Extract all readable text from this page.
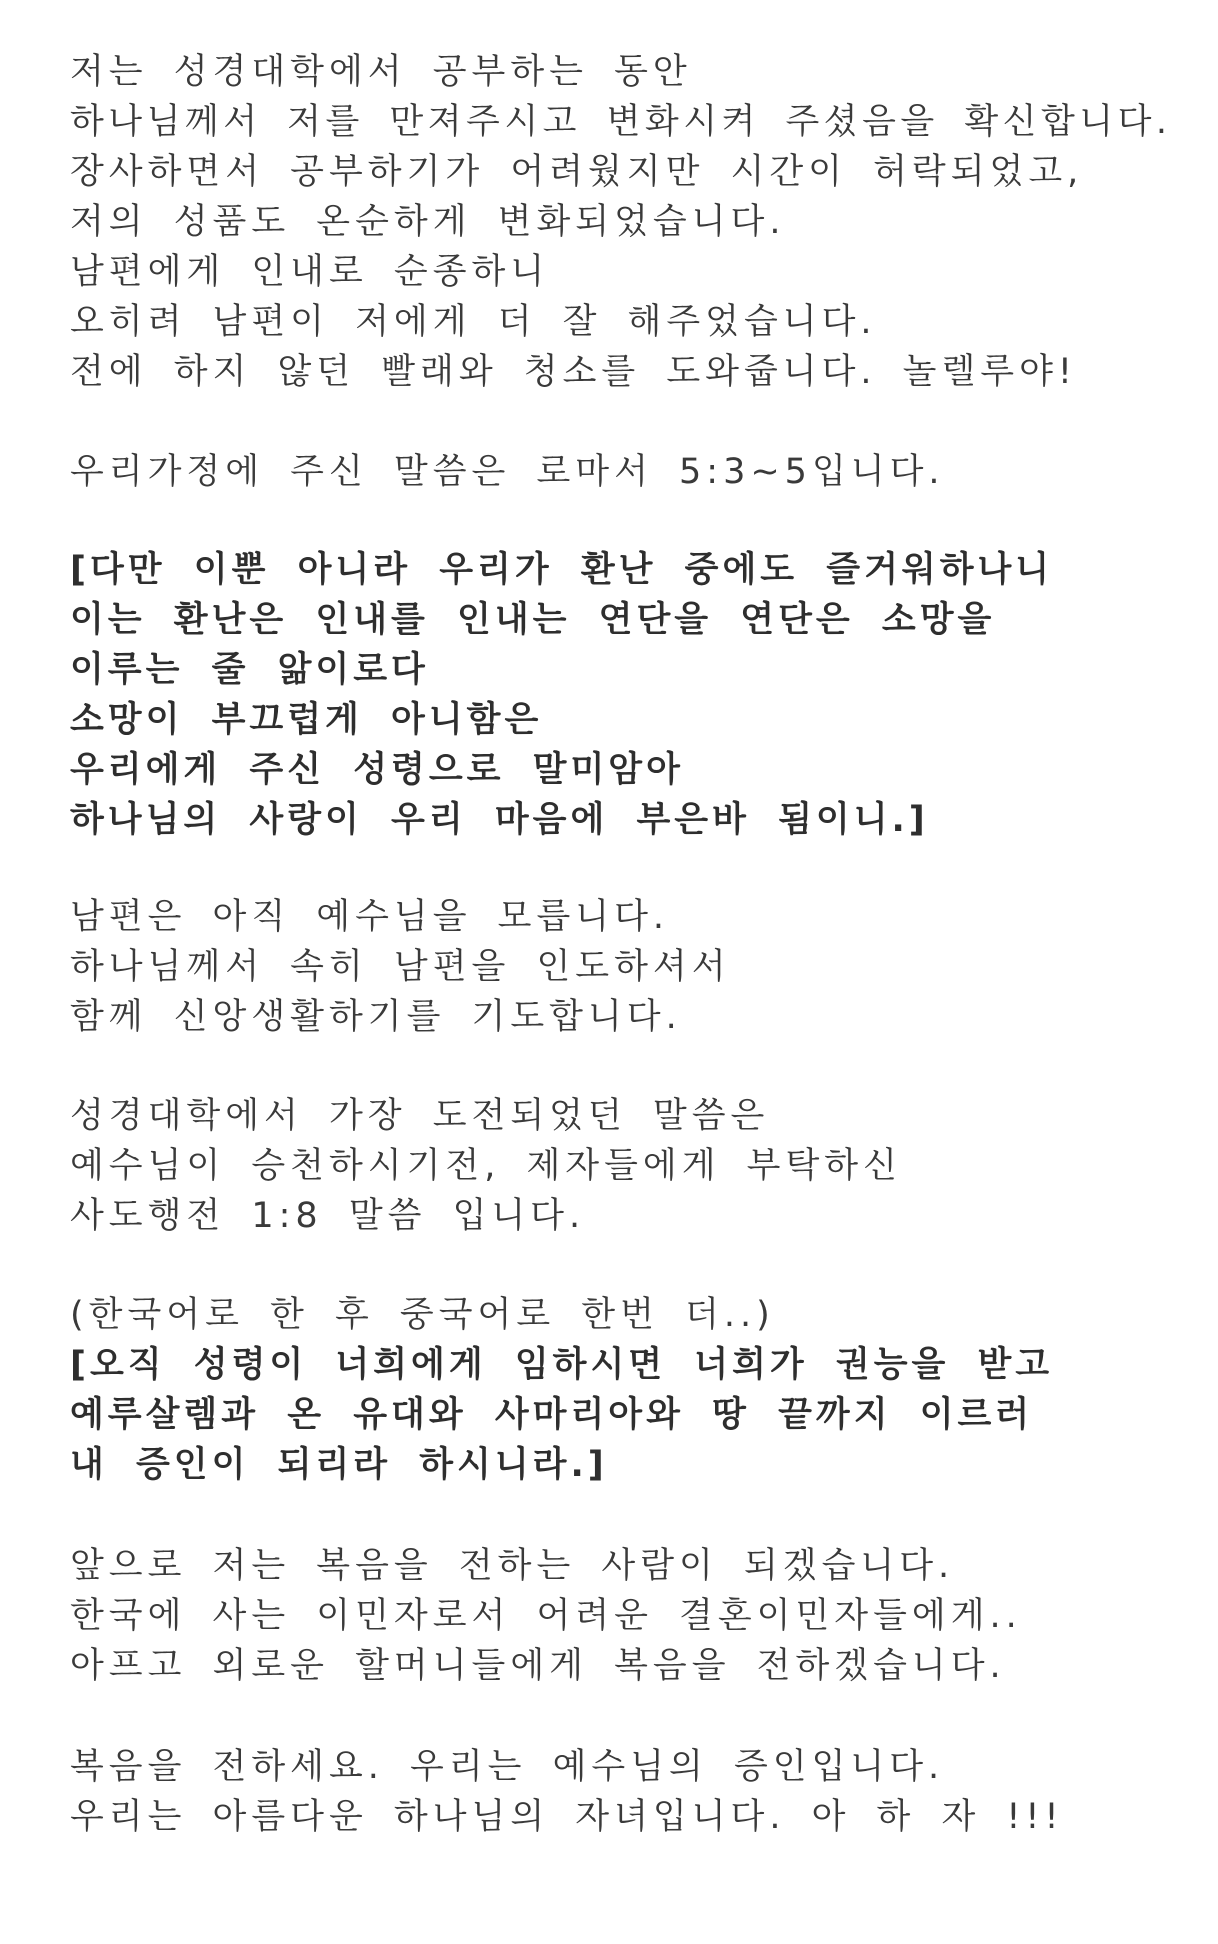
저는 성경대학에서 공부하는 동안
하나님께서 저를 만져주시고 변화시켜 주셨음을 확신합니다.
장사하면서 공부하기가 어려웠지만 시간이 허락되었고,
저의 성품도 온순하게 변화되었습니다.
남편에게 인내로 순종하니
오히려 남편이 저에게 더 잘 해주었습니다.
전에 하지 않던 빨래와 청소를 도와줍니다. 놀렐루야!
우리가정에 주신 말씀은 로마서 5:3~5입니다.
[다만 이뿐 아니라 우리가 환난 중에도 즐거워하나니
이는 환난은 인내를 인내는 연단을 연단은 소망을
이루는 줄 앎이로다
소망이 부끄럽게 아니함은
우리에게 주신 성령으로 말미암아
하나님의 사랑이 우리 마음에 부은바 됨이니.]
남편은 아직 예수님을 모릅니다.
하나님께서 속히 남편을 인도하셔서
함께 신앙생활하기를 기도합니다.
성경대학에서 가장 도전되었던 말씀은
예수님이 승천하시기전, 제자들에게 부탁하신
사도행전 1:8 말씀 입니다.
(한국어로 한 후 중국어로 한번 더..)
[오직 성령이 너희에게 임하시면 너희가 권능을 받고
예루살렘과 온 유대와 사마리아와 땅 끝까지 이르러
내 증인이 되리라 하시니라.]
앞으로 저는 복음을 전하는 사람이 되겠습니다.
한국에 사는 이민자로서 어려운 결혼이민자들에게..
아프고 외로운 할머니들에게 복음을 전하겠습니다.
복음을 전하세요. 우리는 예수님의 증인입니다.
우리는 아름다운 하나님의 자녀입니다. 아 하 자 !!!
